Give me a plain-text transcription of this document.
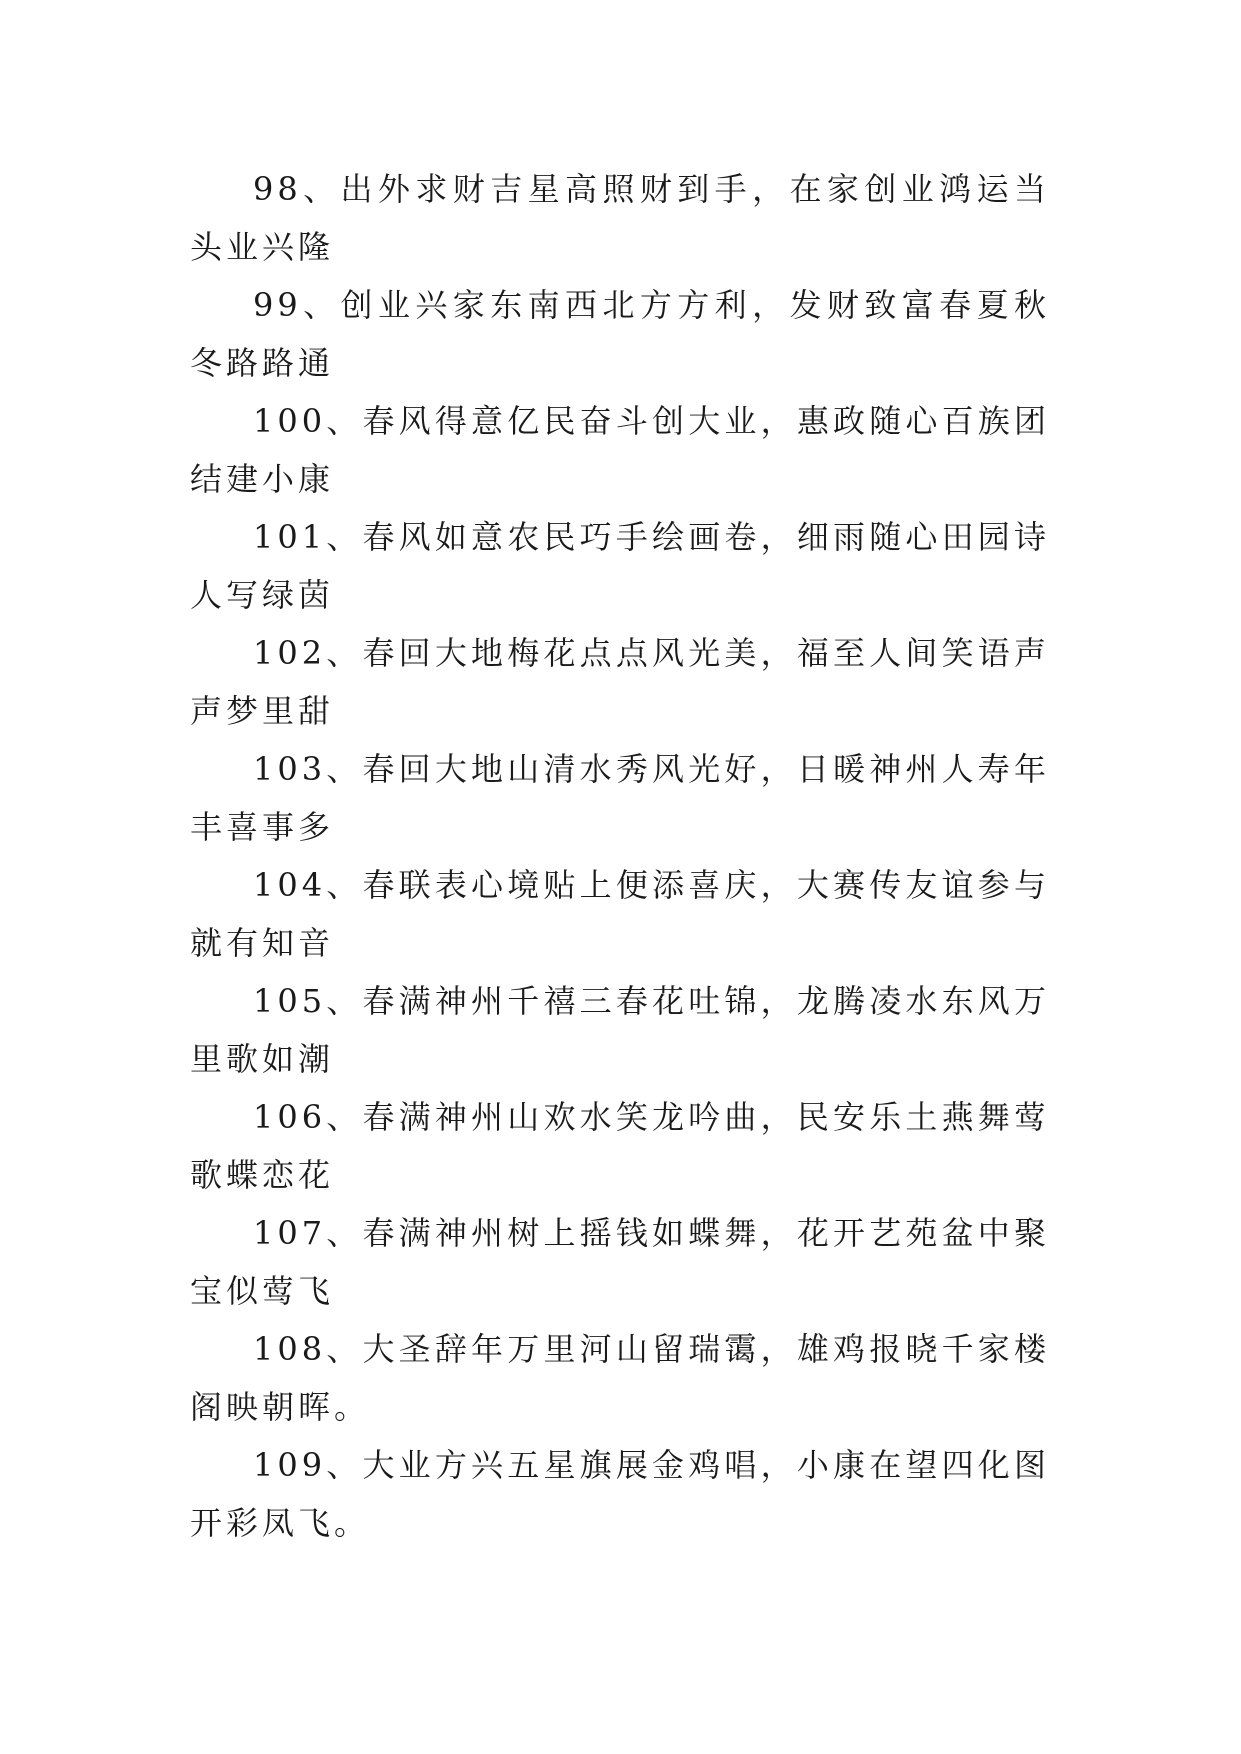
98、出外求财吉星高照财到手，在家创业鸿运当头业兴隆

99、创业兴家东南西北方方利，发财致富春夏秋冬路路通

100、春风得意亿民奋斗创大业，惠政随心百族团结建小康

101、春风如意农民巧手绘画卷，细雨随心田园诗人写绿茵

102、春回大地梅花点点风光美，福至人间笑语声声梦里甜

103、春回大地山清水秀风光好，日暖神州人寿年丰喜事多

104、春联表心境贴上便添喜庆，大赛传友谊参与就有知音

105、春满神州千禧三春花吐锦，龙腾凌水东风万里歌如潮

106、春满神州山欢水笑龙吟曲，民安乐土燕舞莺歌蝶恋花

107、春满神州树上摇钱如蝶舞，花开艺苑盆中聚宝似莺飞

108、大圣辞年万里河山留瑞霭，雄鸡报晓千家楼阁映朝晖。

109、大业方兴五星旗展金鸡唱，小康在望四化图开彩凤飞。
